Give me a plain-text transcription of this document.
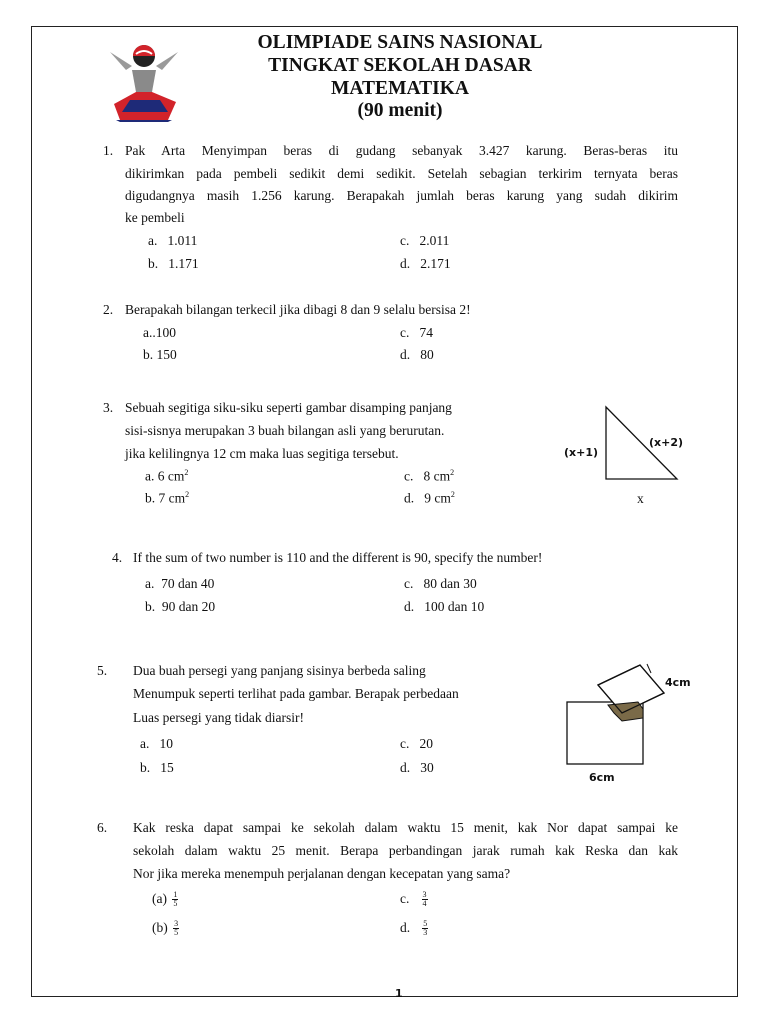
OLIMPIADE SAINS NASIONAL
TINGKAT SEKOLAH DASAR
MATEMATIKA
(90 menit)
1. Pak Arta Menyimpan beras di gudang sebanyak 3.427 karung. Beras-beras itu
dikirimkan pada pembeli sedikit demi sedikit. Setelah sebagian terkirim ternyata beras
digudangnya masih 1.256 karung. Berapakah jumlah beras karung yang sudah dikirim
ke pembeli
a. 1.011	c. 2.011
b. 1.171	d. 2.171
2. Berapakah bilangan terkecil jika dibagi 8 dan 9 selalu bersisa 2!
a..100	c. 74
b. 150	d. 80
3. Sebuah segitiga siku-siku seperti gambar disamping panjang
sisi-sisnya merupakan 3 buah bilangan asli yang berurutan.
jika kelilingnya 12 cm maka luas segitiga tersebut.
a. 6 $cm^2$	c. 8 $cm^2$
b. 7 $cm^2$	d. 9 $cm^2$
(x+1)
(x+2)
x
4. If the sum of two number is 110 and the different is 90, specify the number!
a. 70 dan 40	c. 80 dan 30
b. 90 dan 20	d. 100 dan 10
5. Dua buah persegi yang panjang sisinya berbeda saling
Menumpuk seperti terlihat pada gambar. Berapak perbedaan
Luas persegi yang tidak diarsir!
a. 10	c. 20
b. 15	d. 30
4cm
6cm
6. Kak reska dapat sampai ke sekolah dalam waktu 15 menit, kak Nor dapat sampai ke
sekolah dalam waktu 25 menit. Berapa perbandingan jarak rumah kak Reska dan kak
Nor jika mereka menempuh perjalanan dengan kecepatan yang sama?
$(a) \frac{1}{5}$	c. $\frac{3}{4}$
$(b) \frac{3}{5}$	d. $\frac{5}{3}$
1
